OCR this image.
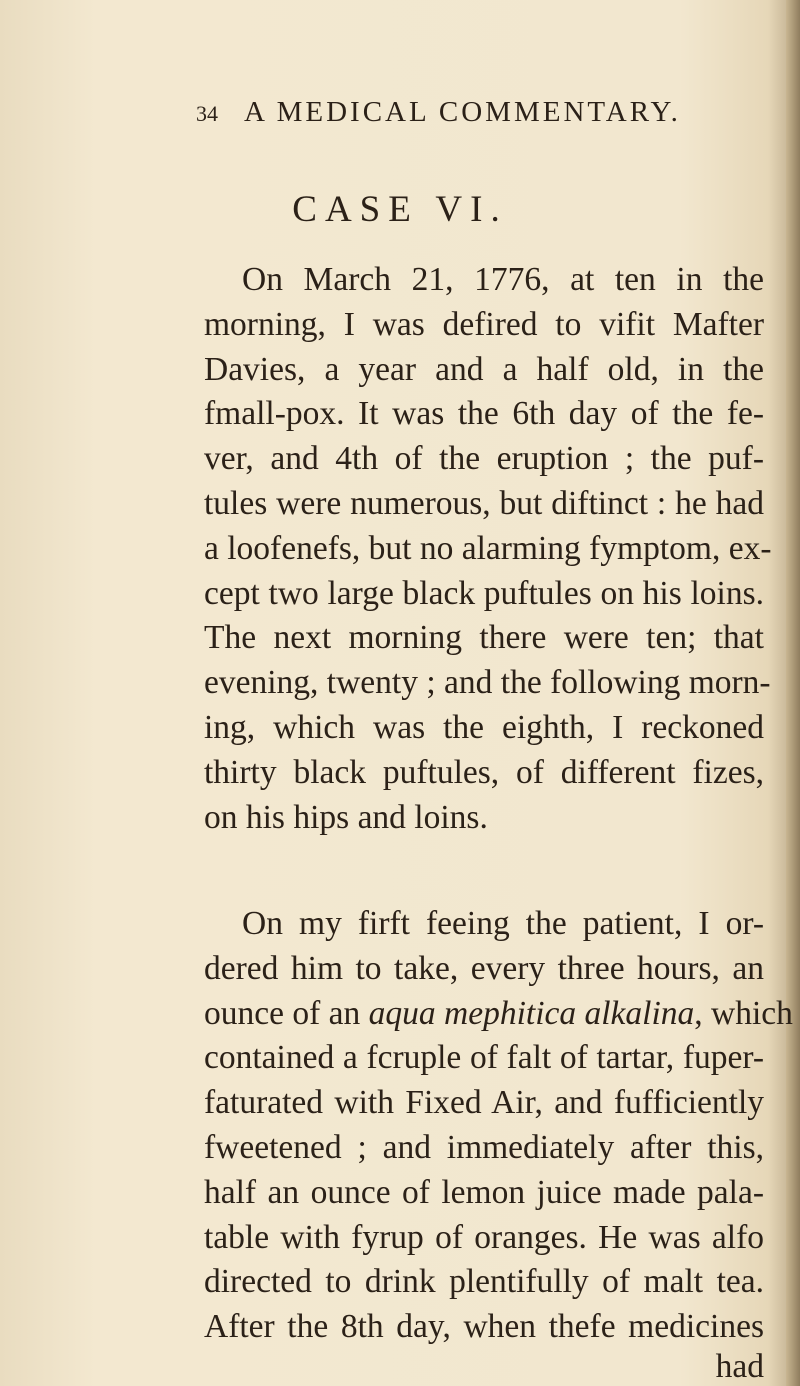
34 A MEDICAL COMMENTARY.
CASE VI.
On March 21, 1776, at ten in the
morning, I was defired to vifit Mafter
Davies, a year and a half old, in the
fmall-pox. It was the 6th day of the fe-
ver, and 4th of the eruption ; the puf-
tules were numerous, but diftinct : he had
a loofenefs, but no alarming fymptom, ex-
cept two large black puftules on his loins.
The next morning there were ten; that
evening, twenty ; and the following morn-
ing, which was the eighth, I reckoned
thirty black puftules, of different fizes,
on his hips and loins.
On my firft feeing the patient, I or-
dered him to take, every three hours, an
ounce of an aqua mephitica alkalina, which
contained a fcruple of falt of tartar, fuper-
faturated with Fixed Air, and fufficiently
fweetened ; and immediately after this,
half an ounce of lemon juice made pala-
table with fyrup of oranges. He was alfo
directed to drink plentifully of malt tea.
After the 8th day, when thefe medicines
had
